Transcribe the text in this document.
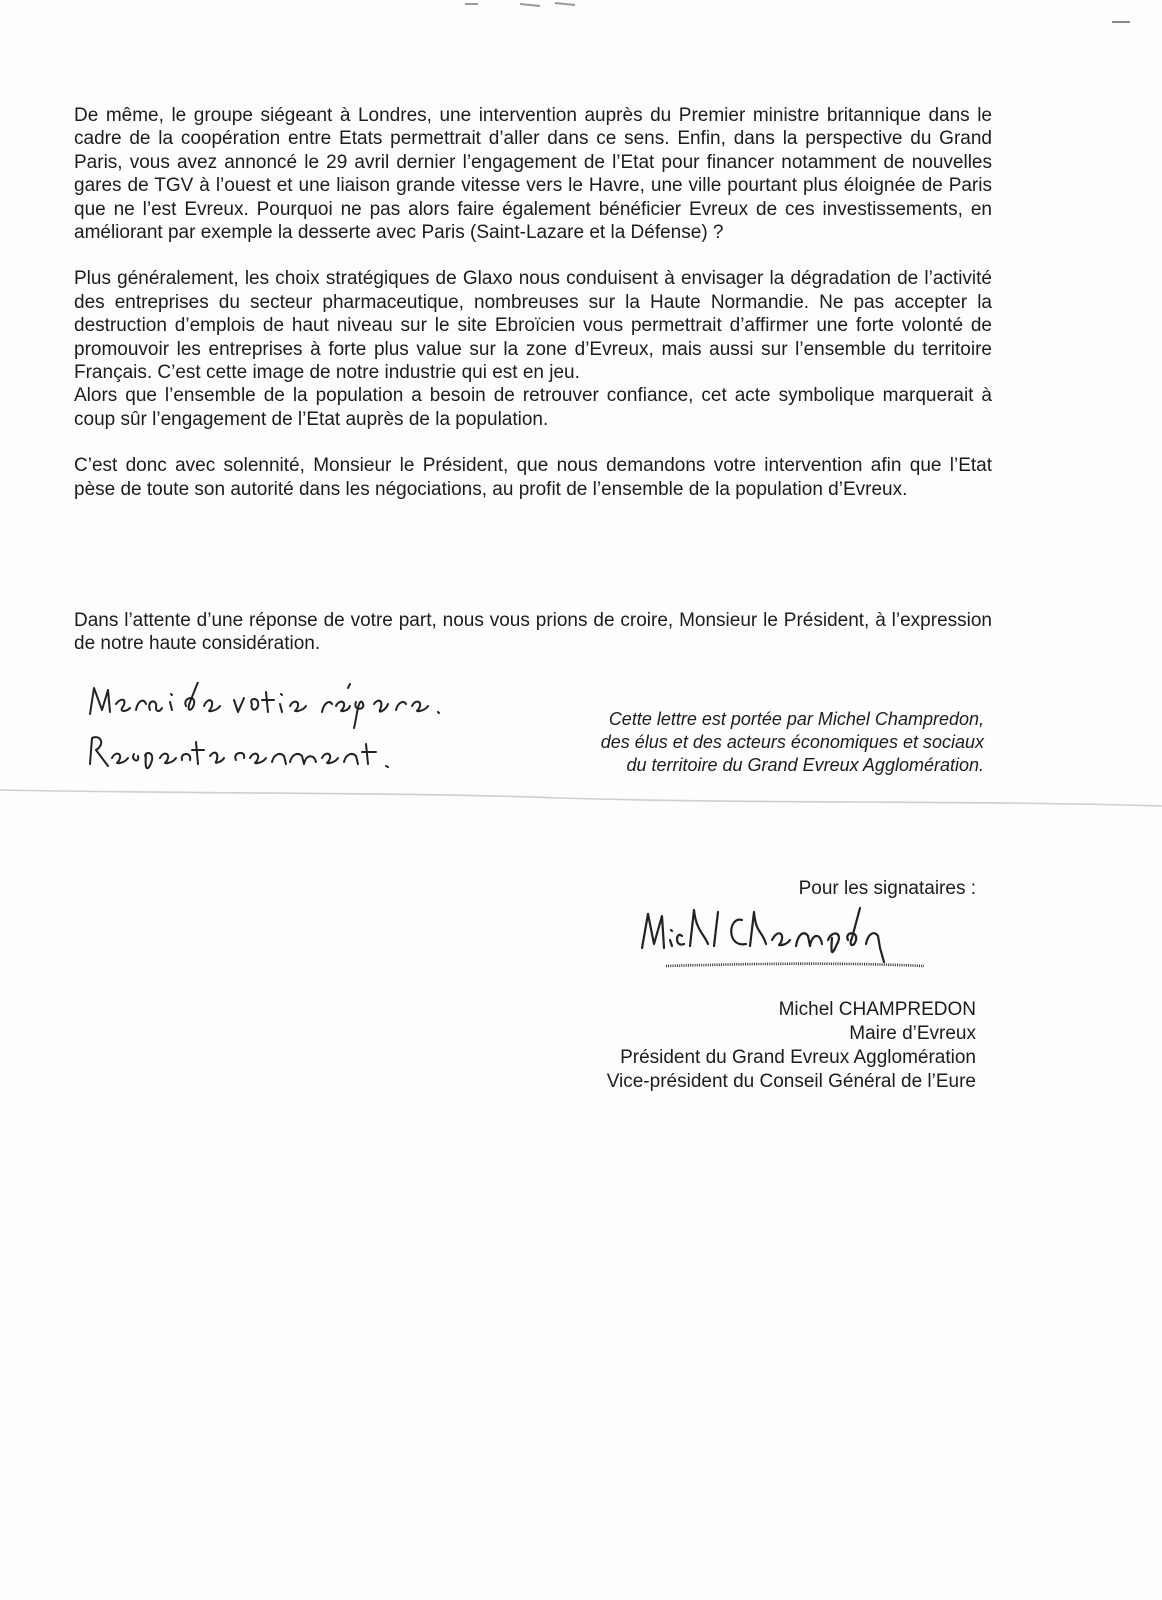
De même, le groupe siégeant à Londres, une intervention auprès du Premier ministre britannique dans le cadre de la coopération entre Etats permettrait d’aller dans ce sens. Enfin, dans la perspective du Grand Paris, vous avez annoncé le 29 avril dernier l’engagement de l’Etat pour financer notamment de nouvelles gares de TGV à l’ouest et une liaison grande vitesse vers le Havre, une ville pourtant plus éloignée de Paris que ne l’est Evreux. Pourquoi ne pas alors faire également bénéficier Evreux de ces investissements, en améliorant par exemple la desserte avec Paris (Saint-Lazare et la Défense) ?

Plus généralement, les choix stratégiques de Glaxo nous conduisent à envisager la dégradation de l’activité des entreprises du secteur pharmaceutique, nombreuses sur la Haute Normandie. Ne pas accepter la destruction d’emplois de haut niveau sur le site Ebroïcien vous permettrait d’affirmer une forte volonté de promouvoir les entreprises à forte plus value sur la zone d’Evreux, mais aussi sur l’ensemble du territoire Français. C’est cette image de notre industrie qui est en jeu.

Alors que l’ensemble de la population a besoin de retrouver confiance, cet acte symbolique marquerait à coup sûr l’engagement de l’Etat auprès de la population.

C’est donc avec solennité, Monsieur le Président, que nous demandons votre intervention afin que l’Etat pèse de toute son autorité dans les négociations, au profit de l’ensemble de la population d’Evreux.

Dans l’attente d’une réponse de votre part, nous vous prions de croire, Monsieur le Président, à l’expression de notre haute considération.

Cette lettre est portée par Michel Champredon,

des élus et des acteurs économiques et sociaux

du territoire du Grand Evreux Agglomération.

Pour les signataires :

Michel CHAMPREDON

Maire d’Evreux

Président du Grand Evreux Agglomération

Vice-président du Conseil Général de l’Eure
